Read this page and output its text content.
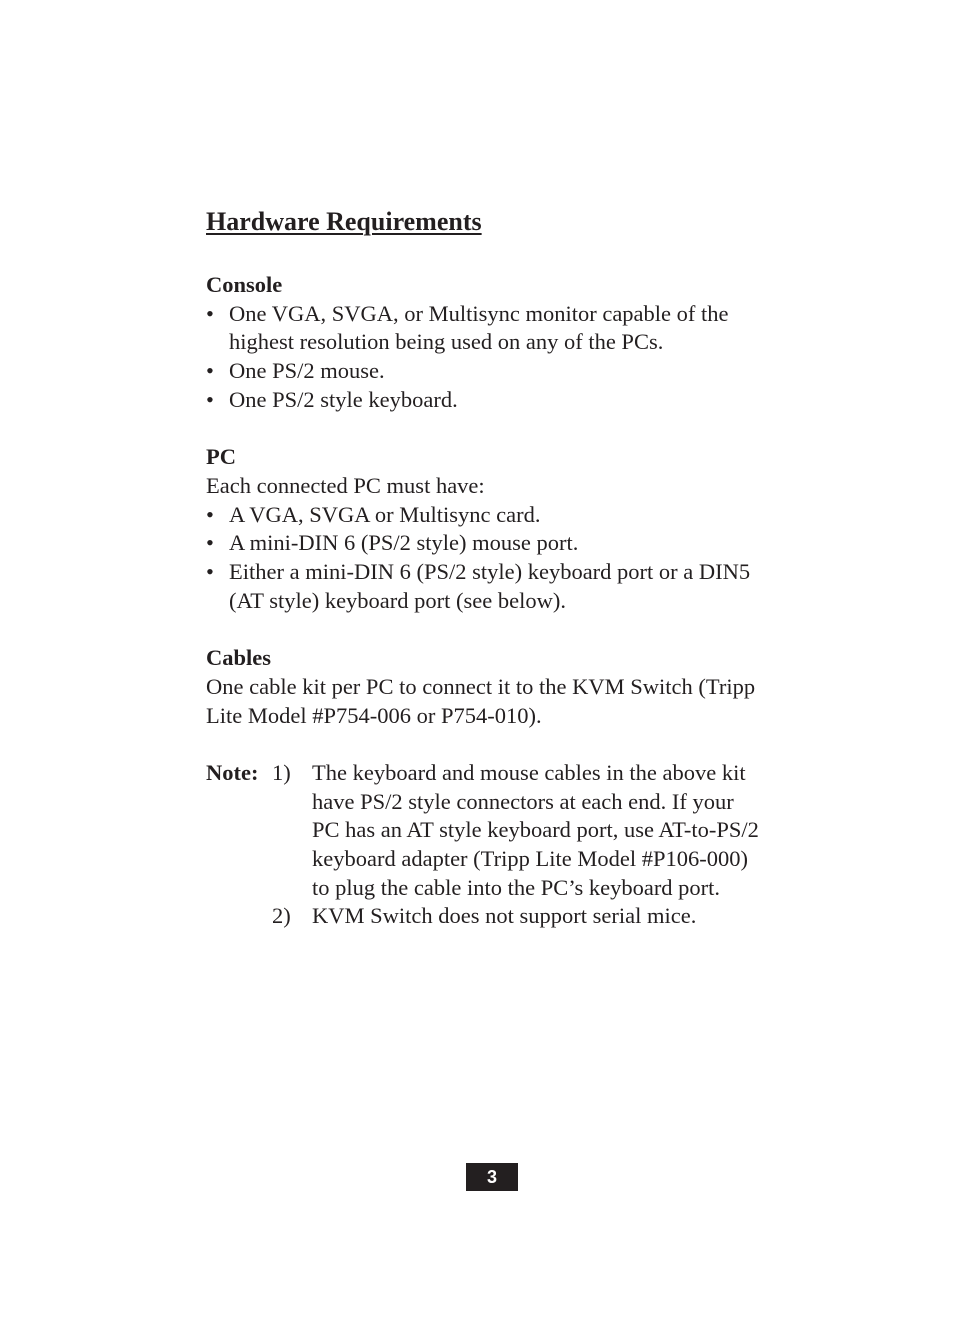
Hardware Requirements
Console
• One VGA, SVGA, or Multisync monitor capable of the highest resolution being used on any of the PCs.
• One PS/2 mouse.
• One PS/2 style keyboard.
PC

Each connected PC must have:

• A VGA, SVGA or Multisync card.
• A mini-DIN 6 (PS/2 style) mouse port.
• Either a mini-DIN 6 (PS/2 style) keyboard port or a DIN5 (AT style) keyboard port (see below).
Cables

One cable kit per PC to connect it to the KVM Switch (Tripp Lite Model #P754-006 or P754-010).

Note: 1) The keyboard and mouse cables in the above kit have PS/2 style connectors at each end. If your PC has an AT style keyboard port, use AT-to-PS/2 keyboard adapter (Tripp Lite Model #P106-000) to plug the cable into the PC’s keyboard port.
2) KVM Switch does not support serial mice.
3
